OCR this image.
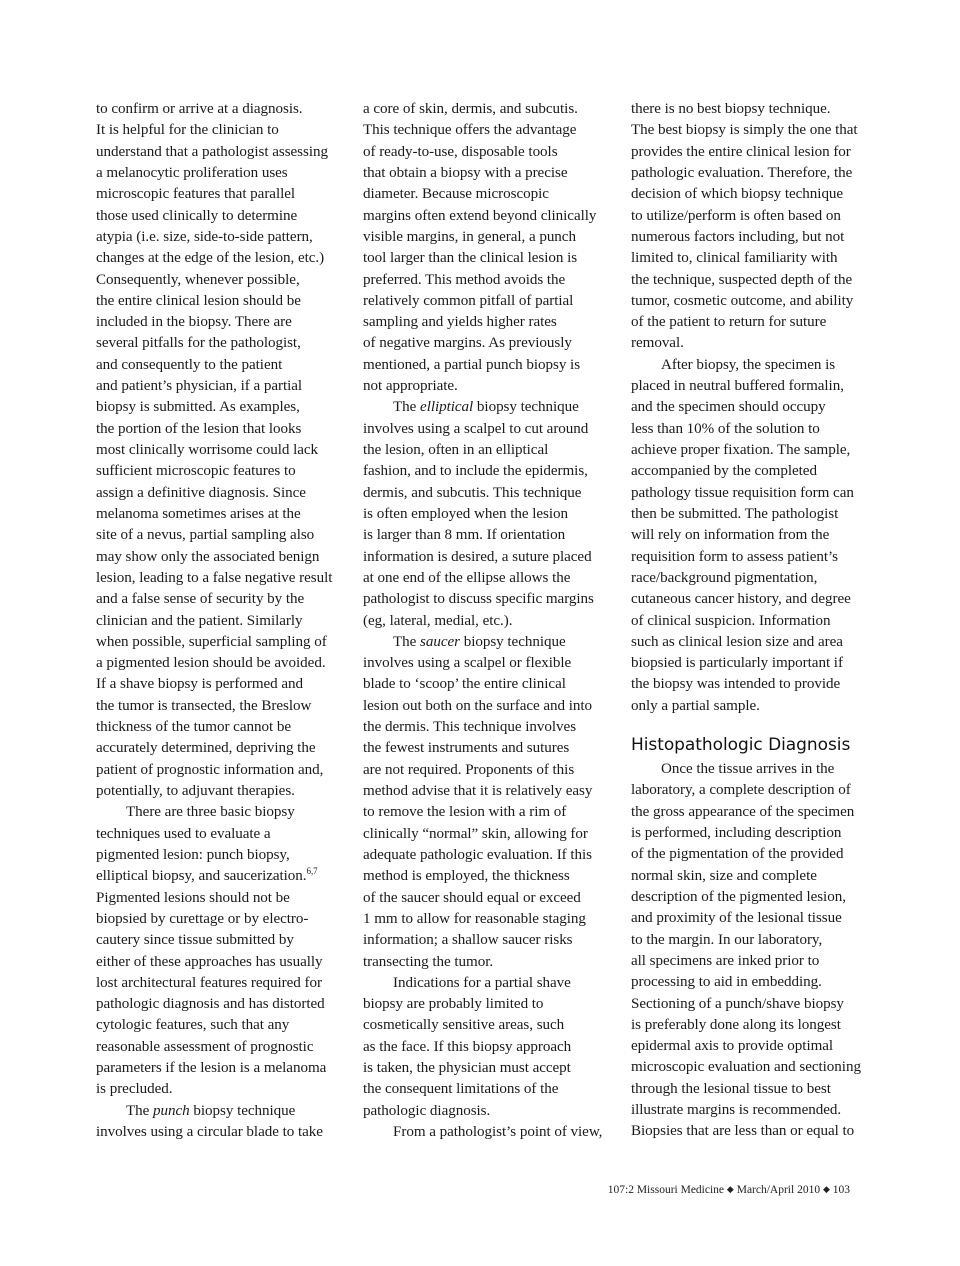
to confirm or arrive at a diagnosis.
It is helpful for the clinician to
understand that a pathologist assessing
a melanocytic proliferation uses
microscopic features that parallel
those used clinically to determine
atypia (i.e. size, side-to-side pattern,
changes at the edge of the lesion, etc.)
Consequently, whenever possible,
the entire clinical lesion should be
included in the biopsy. There are
several pitfalls for the pathologist,
and consequently to the patient
and patient’s physician, if a partial
biopsy is submitted. As examples,
the portion of the lesion that looks
most clinically worrisome could lack
sufficient microscopic features to
assign a definitive diagnosis. Since
melanoma sometimes arises at the
site of a nevus, partial sampling also
may show only the associated benign
lesion, leading to a false negative result
and a false sense of security by the
clinician and the patient. Similarly
when possible, superficial sampling of
a pigmented lesion should be avoided.
If a shave biopsy is performed and
the tumor is transected, the Breslow
thickness of the tumor cannot be
accurately determined, depriving the
patient of prognostic information and,
potentially, to adjuvant therapies.

There are three basic biopsy
techniques used to evaluate a
pigmented lesion: punch biopsy,
elliptical biopsy, and saucerization.$^{6,7}$
Pigmented lesions should not be
biopsied by curettage or by electro-
cautery since tissue submitted by
either of these approaches has usually
lost architectural features required for
pathologic diagnosis and has distorted
cytologic features, such that any
reasonable assessment of prognostic
parameters if the lesion is a melanoma
is precluded.

The punch biopsy technique
involves using a circular blade to take

a core of skin, dermis, and subcutis.
This technique offers the advantage
of ready-to-use, disposable tools
that obtain a biopsy with a precise
diameter. Because microscopic
margins often extend beyond clinically
visible margins, in general, a punch
tool larger than the clinical lesion is
preferred. This method avoids the
relatively common pitfall of partial
sampling and yields higher rates
of negative margins. As previously
mentioned, a partial punch biopsy is
not appropriate.

The elliptical biopsy technique
involves using a scalpel to cut around
the lesion, often in an elliptical
fashion, and to include the epidermis,
dermis, and subcutis. This technique
is often employed when the lesion
is larger than 8 mm. If orientation
information is desired, a suture placed
at one end of the ellipse allows the
pathologist to discuss specific margins
(eg, lateral, medial, etc.).

The saucer biopsy technique
involves using a scalpel or flexible
blade to ‘scoop’ the entire clinical
lesion out both on the surface and into
the dermis. This technique involves
the fewest instruments and sutures
are not required. Proponents of this
method advise that it is relatively easy
to remove the lesion with a rim of
clinically “normal” skin, allowing for
adequate pathologic evaluation. If this
method is employed, the thickness
of the saucer should equal or exceed
1 mm to allow for reasonable staging
information; a shallow saucer risks
transecting the tumor.

Indications for a partial shave
biopsy are probably limited to
cosmetically sensitive areas, such
as the face. If this biopsy approach
is taken, the physician must accept
the consequent limitations of the
pathologic diagnosis.

From a pathologist’s point of view,

there is no best biopsy technique.
The best biopsy is simply the one that
provides the entire clinical lesion for
pathologic evaluation. Therefore, the
decision of which biopsy technique
to utilize/perform is often based on
numerous factors including, but not
limited to, clinical familiarity with
the technique, suspected depth of the
tumor, cosmetic outcome, and ability
of the patient to return for suture
removal.

After biopsy, the specimen is
placed in neutral buffered formalin,
and the specimen should occupy
less than 10% of the solution to
achieve proper fixation. The sample,
accompanied by the completed
pathology tissue requisition form can
then be submitted. The pathologist
will rely on information from the
requisition form to assess patient’s
race/background pigmentation,
cutaneous cancer history, and degree
of clinical suspicion. Information
such as clinical lesion size and area
biopsied is particularly important if
the biopsy was intended to provide
only a partial sample.

Histopathologic Diagnosis

Once the tissue arrives in the
laboratory, a complete description of
the gross appearance of the specimen
is performed, including description
of the pigmentation of the provided
normal skin, size and complete
description of the pigmented lesion,
and proximity of the lesional tissue
to the margin. In our laboratory,
all specimens are inked prior to
processing to aid in embedding.
Sectioning of a punch/shave biopsy
is preferably done along its longest
epidermal axis to provide optimal
microscopic evaluation and sectioning
through the lesional tissue to best
illustrate margins is recommended.
Biopsies that are less than or equal to

107:2 Missouri Medicine ◆ March/April 2010 ◆ 103
